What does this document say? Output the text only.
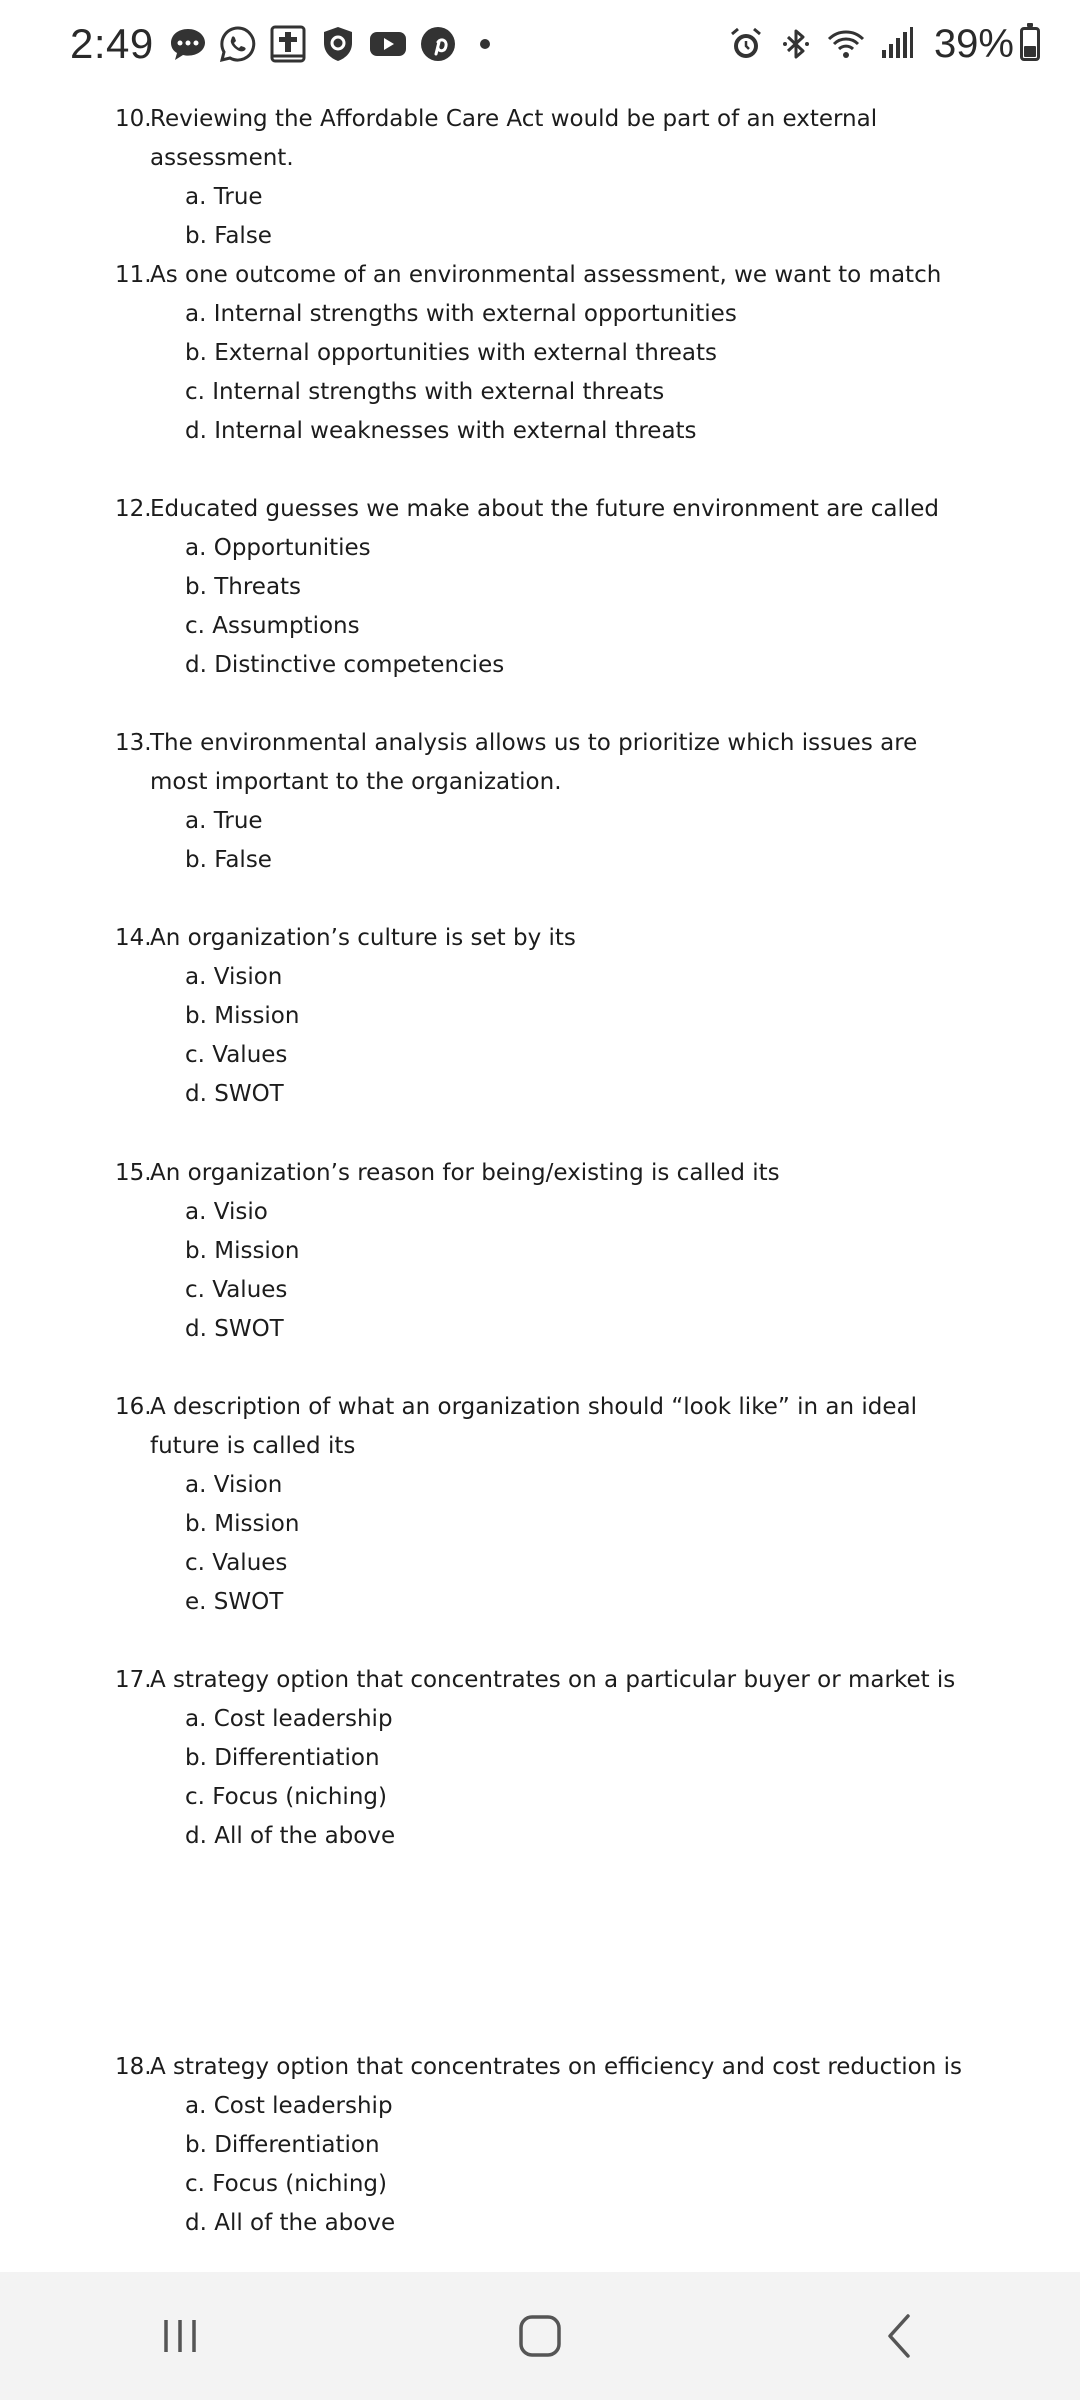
2:49	39%

10.Reviewing the Affordable Care Act would be part of an external assessment.

a. True
b. False

11.As one outcome of an environmental assessment, we want to match

a. Internal strengths with external opportunities
b. External opportunities with external threats
c. Internal strengths with external threats
d. Internal weaknesses with external threats

12.Educated guesses we make about the future environment are called

a. Opportunities
b. Threats
c. Assumptions
d. Distinctive competencies

13.The environmental analysis allows us to prioritize which issues are most important to the organization.

a. True
b. False

14.An organization’s culture is set by its

a. Vision
b. Mission
c. Values
d. SWOT

15.An organization’s reason for being/existing is called its

a. Visio
b. Mission
c. Values
d. SWOT

16.A description of what an organization should “look like” in an ideal future is called its

a. Vision
b. Mission
c. Values
e. SWOT

17.A strategy option that concentrates on a particular buyer or market is

a. Cost leadership
b. Differentiation
c. Focus (niching)
d. All of the above

18.A strategy option that concentrates on efficiency and cost reduction is

a. Cost leadership
b. Differentiation
c. Focus (niching)
d. All of the above
